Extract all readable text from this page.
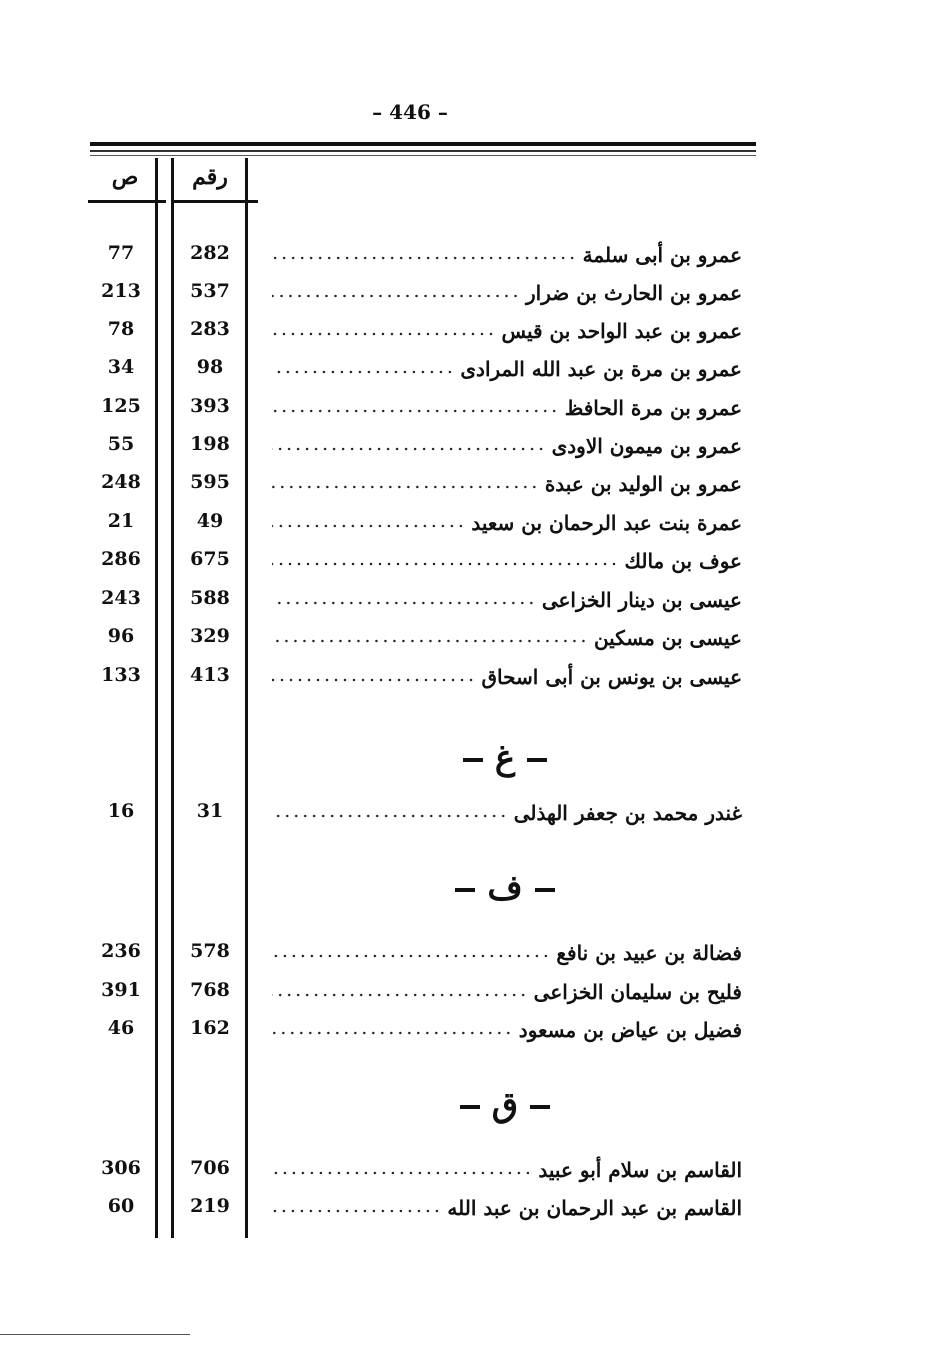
– 446 –
ص	رقم
77	282	عمرو بن أبى سلمة
213	537	عمرو بن الحارث بن ضرار
78	283	عمرو بن عبد الواحد بن قيس
34	98	عمرو بن مرة بن عبد الله المرادى
125	393	عمرو بن مرة الحافظ
55	198	عمرو بن ميمون الاودى
248	595	عمرو بن الوليد بن عبدة
21	49	عمرة بنت عبد الرحمان بن سعيد
286	675	عوف بن مالك
243	588	عيسى بن دينار الخزاعى
96	329	عيسى بن مسكين
133	413	عيسى بن يونس بن أبى اسحاق
غ
16	31	غندر محمد بن جعفر الهذلى
ف
236	578	فضالة بن عبيد بن نافع
391	768	فليح بن سليمان الخزاعى
46	162	فضيل بن عياض بن مسعود
ق
306	706	القاسم بن سلام أبو عبيد
60	219	القاسم بن عبد الرحمان بن عبد الله
